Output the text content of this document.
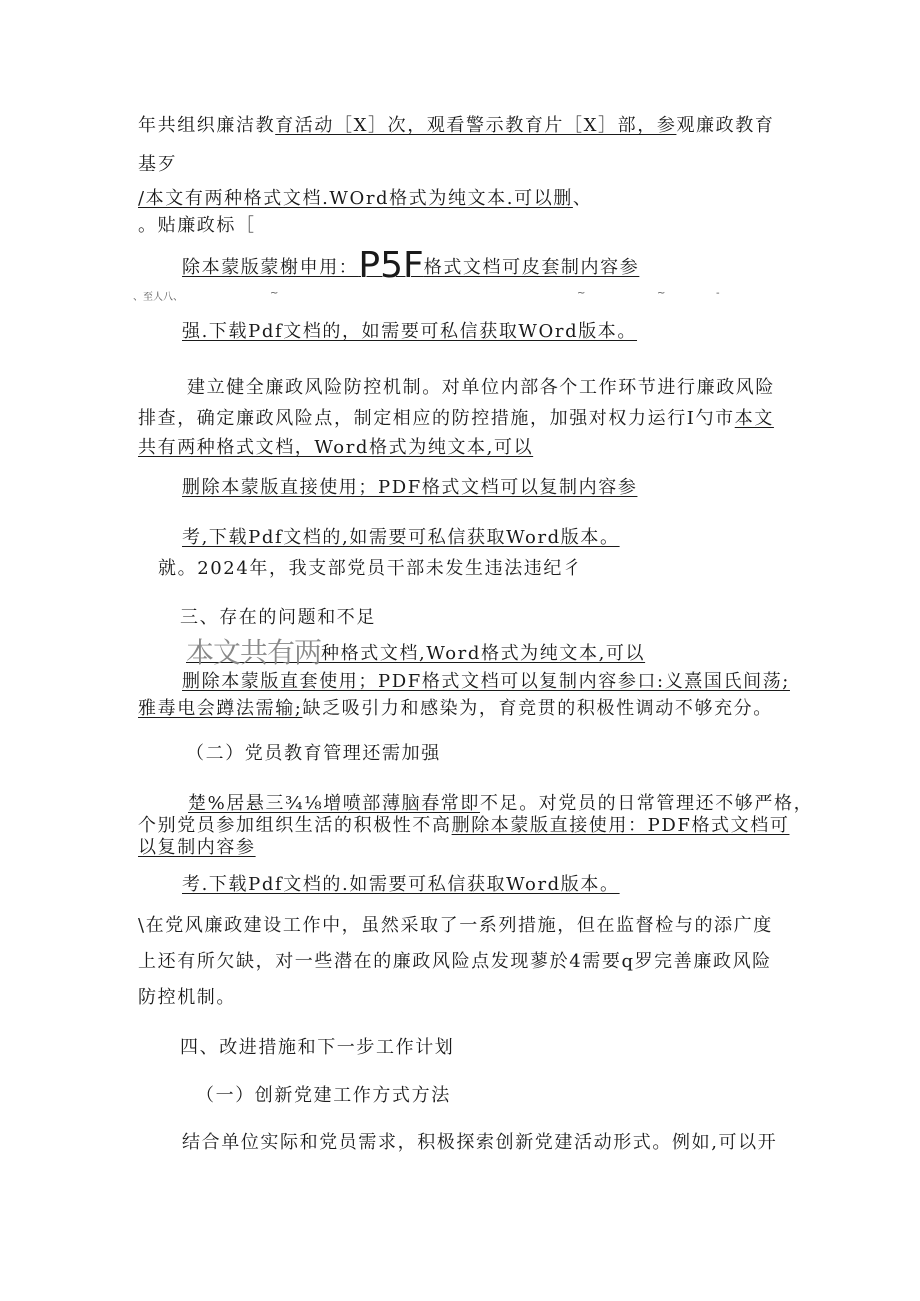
年共组织廉洁教育活动［X］次，观看警示教育片［X］部，参观廉政教育
基歹
/本文有两种格式文档.WOrd格式为纯文本.可以删、
。贴廉政标［
除本蒙版蒙榭申用：P5F格式文档可皮套制内容参
、至人八、	~	~	~	-
强.下载Pdf文档的，如需要可私信获取WOrd版本。
建立健全廉政风险防控机制。对单位内部各个工作环节进行廉政风险
排查，确定廉政风险点，制定相应的防控措施，加强对权力运行I勺市本文
共有两种格式文档，Word格式为纯文本,可以
删除本蒙版直接使用；PDF格式文档可以复制内容参
考,下载Pdf文档的,如需要可私信获取Word版本。
就。2024年，我支部党员干部未发生违法违纪彳
三、存在的问题和不足
本文共有两种格式文档,Word格式为纯文本,可以
删除本蒙版直套使用；PDF格式文档可以复制内容参口:义熹国氏间荡;
雅毒电会蹲法需输;缺乏吸引力和感染为，育竞贯的积极性调动不够充分。
（二）党员教育管理还需加强
楚%居悬三¾⅛增喷部薄脑春常即不足。对党员的日常管理还不够严格，
个别党员参加组织生活的积极性不高删除本蒙版直接使用：PDF格式文档可
以复制内容参
考.下载Pdf文档的.如需要可私信获取Word版本。
\在党风廉政建设工作中，虽然采取了一系列措施，但在监督检与的添广度
上还有所欠缺，对一些潜在的廉政风险点发现蓼於4需要q罗完善廉政风险
防控机制。
四、改进措施和下一步工作计划
（一）创新党建工作方式方法
结合单位实际和党员需求，积极探索创新党建活动形式。例如,可以开
